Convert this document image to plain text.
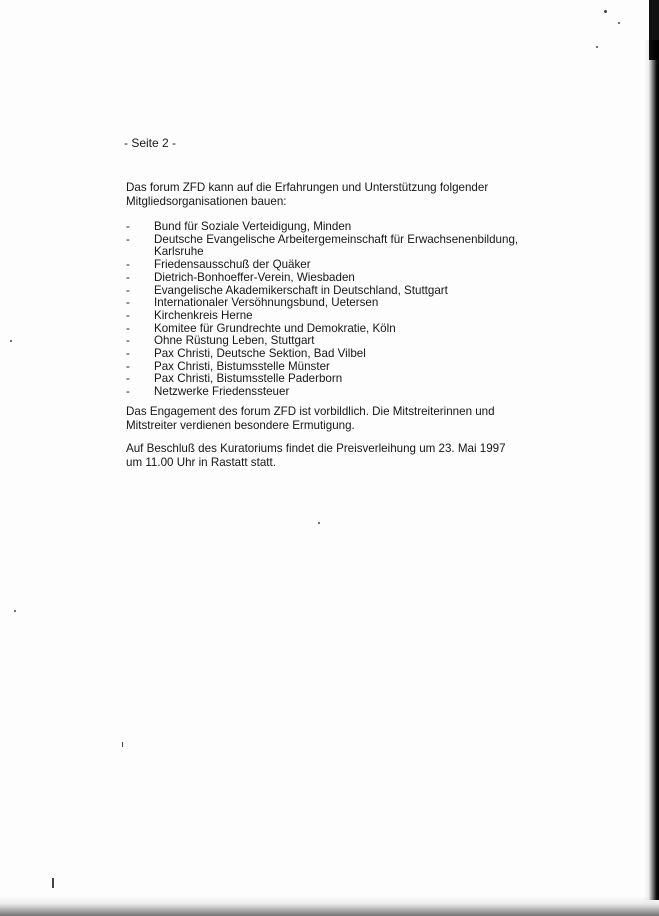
- Seite 2 -
Das forum ZFD kann auf die Erfahrungen und Unterstützung folgender Mitgliedsorganisationen bauen:
- Bund für Soziale Verteidigung, Minden
- Deutsche Evangelische Arbeitergemeinschaft für Erwachsenenbildung, Karlsruhe
- Friedensausschuß der Quäker
- Dietrich-Bonhoeffer-Verein, Wiesbaden
- Evangelische Akademikerschaft in Deutschland, Stuttgart
- Internationaler Versöhnungsbund, Uetersen
- Kirchenkreis Herne
- Komitee für Grundrechte und Demokratie, Köln
- Ohne Rüstung Leben, Stuttgart
- Pax Christi, Deutsche Sektion, Bad Vilbel
- Pax Christi, Bistumsstelle Münster
- Pax Christi, Bistumsstelle Paderborn
- Netzwerke Friedenssteuer
Das Engagement des forum ZFD ist vorbildlich. Die Mitstreiterinnen und Mitstreiter verdienen besondere Ermutigung.
Auf Beschluß des Kuratoriums findet die Preisverleihung um 23. Mai 1997 um 11.00 Uhr in Rastatt statt.
